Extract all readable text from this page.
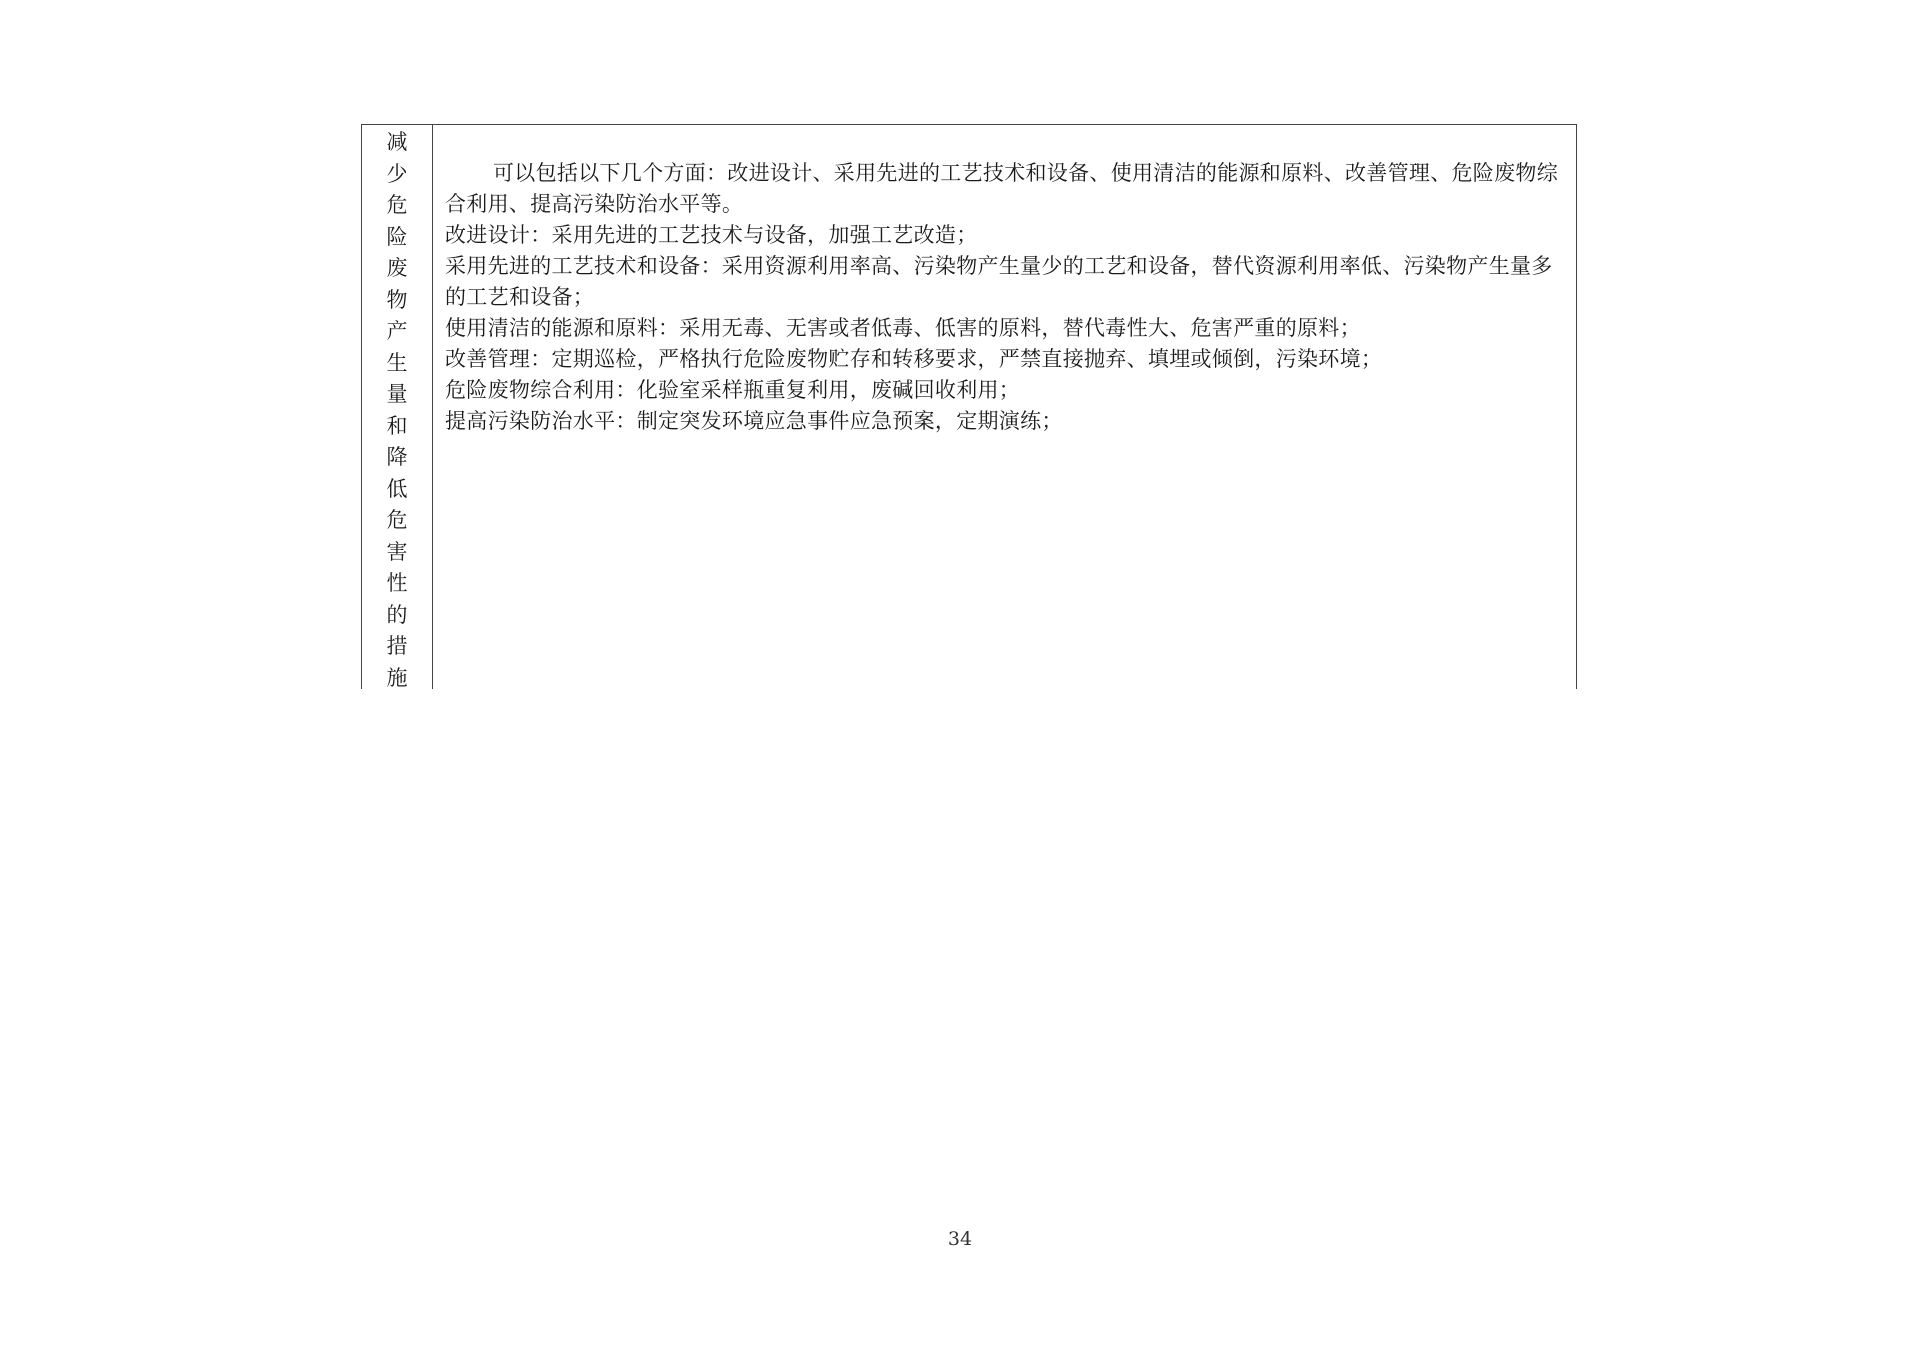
减
少
危
险
废
物
产
生
量
和
降
低
危
害
性
的
措
施

可以包括以下几个方面：改进设计、采用先进的工艺技术和设备、使用清洁的能源和原料、改善管理、危险废物综合利用、提高污染防治水平等。

改进设计：采用先进的工艺技术与设备，加强工艺改造；

采用先进的工艺技术和设备：采用资源利用率高、污染物产生量少的工艺和设备，替代资源利用率低、污染物产生量多的工艺和设备；

使用清洁的能源和原料：采用无毒、无害或者低毒、低害的原料，替代毒性大、危害严重的原料；

改善管理：定期巡检，严格执行危险废物贮存和转移要求，严禁直接抛弃、填埋或倾倒，污染环境；

危险废物综合利用：化验室采样瓶重复利用，废碱回收利用；

提高污染防治水平：制定突发环境应急事件应急预案，定期演练；

34
